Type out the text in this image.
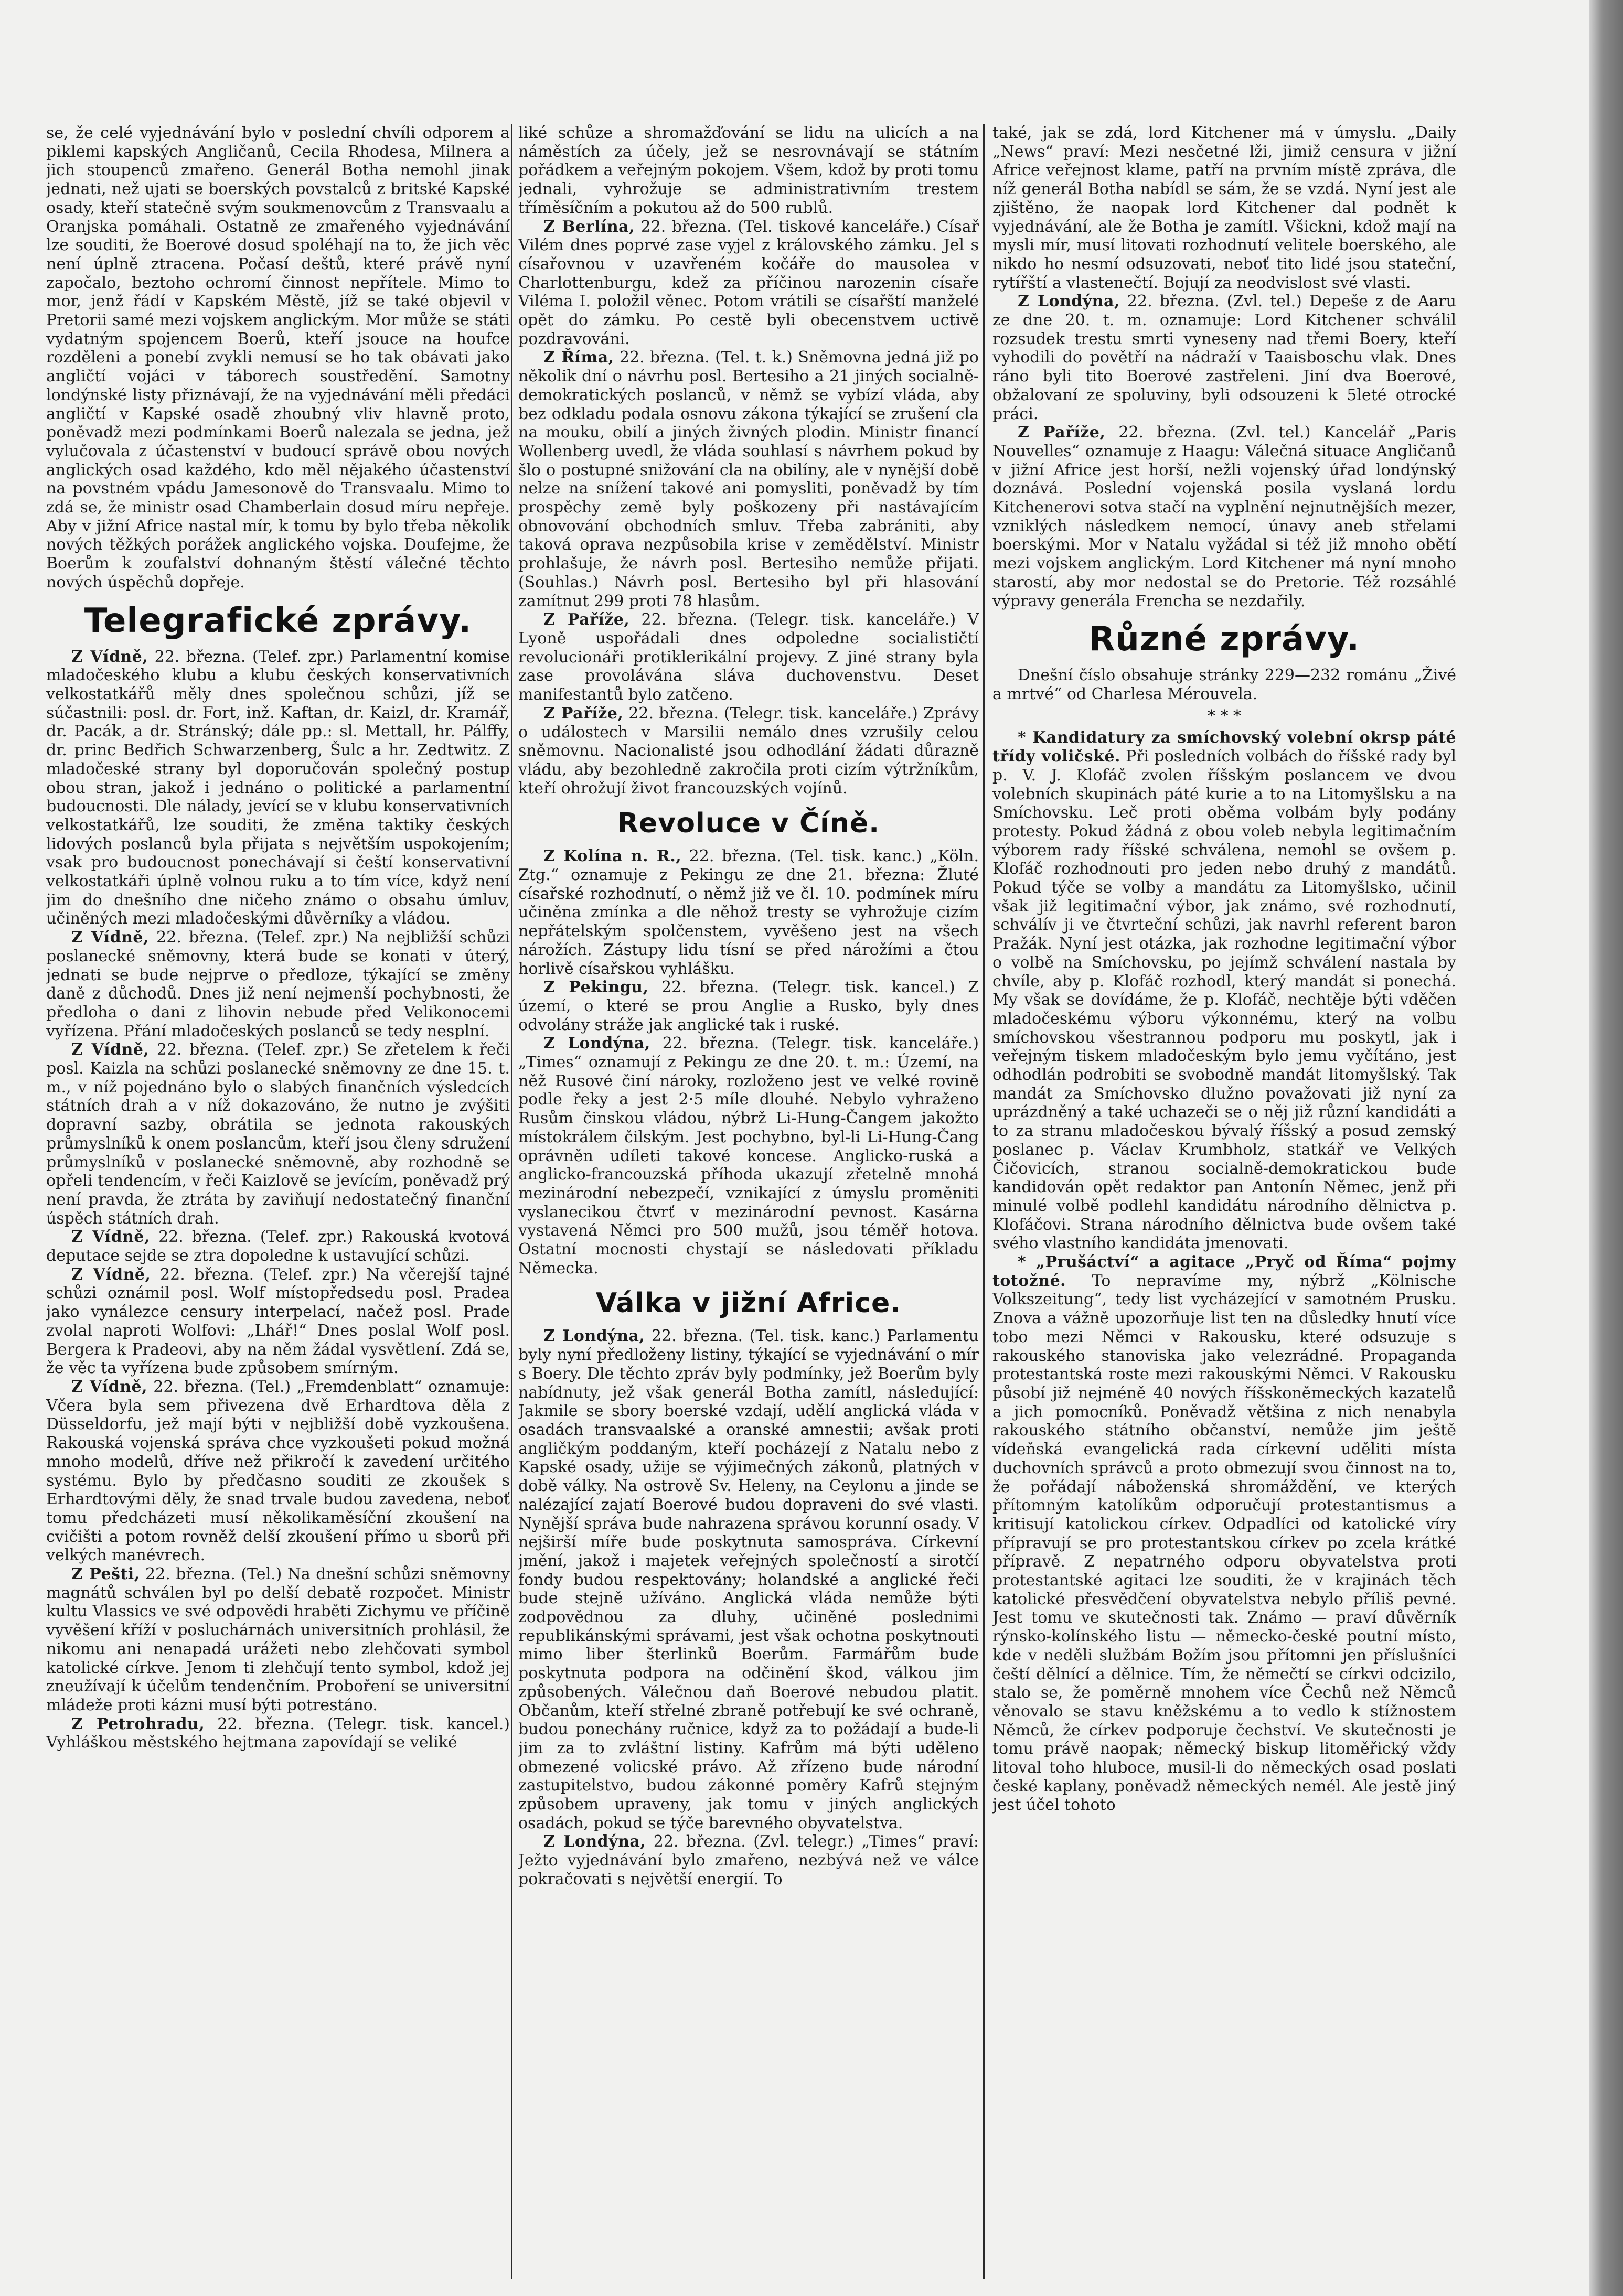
se, že celé vyjednávání bylo v poslední chvíli odporem a piklemi kapských Angličanů, Cecila Rhodesa, Milnera a jich stoupenců zmařeno. Generál Botha nemohl jinak jednati, než ujati se boerských povstalců z britské Kapské osady, kteří statečně svým soukmenovcům z Transvaalu a Oranjska pomáhali. Ostatně ze zmařeného vyjednávání lze souditi, že Boerové dosud spoléhají na to, že jich věc není úplně ztracena. Počasí deštů, které právě nyní započalo, beztoho ochromí činnost nepřítele. Mimo to mor, jenž řádí v Kapském Městě, jíž se také objevil v Pretorii samé mezi vojskem anglickým. Mor může se státi vydatným spojencem Boerů, kteří jsouce na houfce rozděleni a ponebí zvykli nemusí se ho tak obávati jako angličtí vojáci v táborech soustředění. Samotny londýnské listy přiznávají, že na vyjednávání měli předáci angličtí v Kapské osadě zhoubný vliv hlavně proto, poněvadž mezi podmínkami Boerů nalezala se jedna, jež vylučovala z účastenství v budoucí správě obou nových anglických osad každého, kdo měl nějakého účastenství na povstném vpádu Jamesonově do Transvaalu. Mimo to zdá se, že ministr osad Chamberlain dosud míru nepřeje. Aby v jižní Africe nastal mír, k tomu by bylo třeba několik nových těžkých porážek anglického vojska. Doufejme, že Boerům k zoufalství dohnaným štěstí válečné těchto nových úspěchů dopřeje.

Telegrafické zprávy.

Z Vídně, 22. března. (Telef. zpr.) Parlamentní komise mladočeského klubu a klubu českých konservativních velkostatkářů měly dnes společnou schůzi, jíž se súčastnili: posl. dr. Fort, inž. Kaftan, dr. Kaizl, dr. Kramář, dr. Pacák, a dr. Stránský; dále pp.: sl. Mettall, hr. Pálffy, dr. princ Bedřich Schwarzenberg, Šulc a hr. Zedtwitz. Z mladočeské strany byl doporučován společný postup obou stran, jakož i jednáno o politické a parlamentní budoucnosti. Dle nálady, jevící se v klubu konservativních velkostatkářů, lze souditi, že změna taktiky českých lidových poslanců byla přijata s největším uspokojením; vsak pro budoucnost ponechávají si čeští konservativní velkostatkáři úplně volnou ruku a to tím více, když není jim do dnešního dne ničeho známo o obsahu úmluv, učiněných mezi mladočeskými důvěrníky a vládou.

Z Vídně, 22. března. (Telef. zpr.) Na nejbližší schůzi poslanecké sněmovny, která bude se konati v úterý, jednati se bude nejprve o předloze, týkající se změny daně z důchodů. Dnes již není nejmenší pochybnosti, že předloha o dani z lihovin nebude před Velikonocemi vyřízena. Přání mladočeských poslanců se tedy nesplní.

Z Vídně, 22. března. (Telef. zpr.) Se zřetelem k řeči posl. Kaizla na schůzi poslanecké sněmovny ze dne 15. t. m., v níž pojednáno bylo o slabých finančních výsledcích státních drah a v níž dokazováno, že nutno je zvýšiti dopravní sazby, obrátila se jednota rakouských průmyslníků k onem poslancům, kteří jsou členy sdružení průmyslníků v poslanecké sněmovně, aby rozhodně se opřeli tendencím, v řeči Kaizlově se jevícím, poněvadž prý není pravda, že ztráta by zaviňují nedostatečný finanční úspěch státních drah.

Z Vídně, 22. března. (Telef. zpr.) Rakouská kvotová deputace sejde se ztra dopoledne k ustavující schůzi.

Z Vídně, 22. března. (Telef. zpr.) Na včerejší tajné schůzi oznámil posl. Wolf místopředsedu posl. Pradea jako vynálezce censury interpelací, načež posl. Prade zvolal naproti Wolfovi: „Lhář!“ Dnes poslal Wolf posl. Bergera k Pradeovi, aby na něm žádal vysvětlení. Zdá se, že věc ta vyřízena bude způsobem smírným.

Z Vídně, 22. března. (Tel.) „Fremdenblatt“ oznamuje: Včera byla sem přivezena dvě Erhardtova děla z Düsseldorfu, jež mají býti v nejbližší době vyzkoušena. Rakouská vojenská správa chce vyzkoušeti pokud možná mnoho modelů, dříve než přikročí k zavedení určitého systému. Bylo by předčasno souditi ze zkoušek s Erhardtovými děly, že snad trvale budou zavedena, neboť tomu předcházeti musí několikaměsíční zkoušení na cvičišti a potom rovněž delší zkoušení přímo u sborů při velkých manévrech.

Z Pešti, 22. března. (Tel.) Na dnešní schůzi sněmovny magnátů schválen byl po delší debatě rozpočet. Ministr kultu Vlassics ve své odpovědi hraběti Zichymu ve příčině vyvěšení kříží v posluchárnách universitních prohlásil, že nikomu ani nenapadá urážeti nebo zlehčovati symbol katolické církve. Jenom ti zlehčují tento symbol, kdož jej zneužívají k účelům tendenčním. Proboření se universitní mládeže proti kázni musí býti potrestáno.

Z Petrohradu, 22. března. (Telegr. tisk. kancel.) Vyhláškou městského hejtmana zapovídají se veliké

liké schůze a shromažďování se lidu na ulicích a na náměstích za účely, jež se nesrovnávají se státním pořádkem a veřejným pokojem. Všem, kdož by proti tomu jednali, vyhrožuje se administrativním trestem tříměsíčním a pokutou až do 500 rublů.

Z Berlína, 22. března. (Tel. tiskové kanceláře.) Císař Vilém dnes poprvé zase vyjel z královského zámku. Jel s císařovnou v uzavřeném kočáře do mausolea v Charlottenburgu, kdež za příčinou narozenin císaře Viléma I. položil věnec. Potom vrátili se císařští manželé opět do zámku. Po cestě byli obecenstvem uctivě pozdravováni.

Z Říma, 22. března. (Tel. t. k.) Sněmovna jedná již po několik dní o návrhu posl. Bertesiho a 21 jiných socialně-demokratických poslanců, v němž se vybízí vláda, aby bez odkladu podala osnovu zákona týkající se zrušení cla na mouku, obilí a jiných živných plodin. Ministr financí Wollenberg uvedl, že vláda souhlasí s návrhem pokud by šlo o postupné snižování cla na obilíny, ale v nynější době nelze na snížení takové ani pomysliti, poněvadž by tím prospěchy země byly poškozeny při nastávajícím obnovování obchodních smluv. Třeba zabrániti, aby taková oprava nezpůsobila krise v zemědělství. Ministr prohlašuje, že návrh posl. Bertesiho nemůže přijati. (Souhlas.) Návrh posl. Bertesiho byl při hlasování zamítnut 299 proti 78 hlasům.

Z Paříže, 22. března. (Telegr. tisk. kanceláře.) V Lyoně uspořádali dnes odpoledne socialističtí revolucionáři protiklerikální projevy. Z jiné strany byla zase provolávána sláva duchovenstvu. Deset manifestantů bylo zatčeno.

Z Paříže, 22. března. (Telegr. tisk. kanceláře.) Zprávy o událostech v Marsilii nemálo dnes vzrušily celou sněmovnu. Nacionalisté jsou odhodlání žádati důrazně vládu, aby bezohledně zakročila proti cizím výtržníkům, kteří ohrožují život francouzských vojínů.

Revoluce v Číně.

Z Kolína n. R., 22. března. (Tel. tisk. kanc.) „Köln. Ztg.“ oznamuje z Pekingu ze dne 21. března: Žluté císařské rozhodnutí, o němž již ve čl. 10. podmínek míru učiněna zmínka a dle něhož tresty se vyhrožuje cizím nepřátelským spolčenstem, vyvěšeno jest na všech nárožích. Zástupy lidu tísní se před nárožími a čtou horlivě císařskou vyhlášku.

Z Pekingu, 22. března. (Telegr. tisk. kancel.) Z území, o které se prou Anglie a Rusko, byly dnes odvolány stráže jak anglické tak i ruské.

Z Londýna, 22. března. (Telegr. tisk. kanceláře.) „Times“ oznamují z Pekingu ze dne 20. t. m.: Území, na něž Rusové činí nároky, rozloženo jest ve velké rovině podle řeky a jest 2·5 míle dlouhé. Nebylo vyhraženo Rusům činskou vládou, nýbrž Li-Hung-Čangem jakožto místokrálem čilským. Jest pochybno, byl-li Li-Hung-Čang oprávněn udíleti takové koncese. Anglicko-ruská a anglicko-francouzská příhoda ukazují zřetelně mnohá mezinárodní nebezpečí, vznikající z úmyslu proměniti vyslanecikou čtvrť v mezinárodní pevnost. Kasárna vystavená Němci pro 500 mužů, jsou téměř hotova. Ostatní mocnosti chystají se následovati příkladu Německa.

Válka v jižní Africe.

Z Londýna, 22. března. (Tel. tisk. kanc.) Parlamentu byly nyní předloženy listiny, týkající se vyjednávání o mír s Boery. Dle těchto zpráv byly podmínky, jež Boerům byly nabídnuty, jež však generál Botha zamítl, následující: Jakmile se sbory boerské vzdají, udělí anglická vláda v osadách transvaalské a oranské amnestii; avšak proti angličkým poddaným, kteří pocházejí z Natalu nebo z Kapské osady, užije se výjimečných zákonů, platných v době války. Na ostrově Sv. Heleny, na Ceylonu a jinde se nalézající zajatí Boerové budou dopraveni do své vlasti. Nynější správa bude nahrazena správou korunní osady. V nejširší míře bude poskytnuta samospráva. Církevní jmění, jakož i majetek veřejných společností a sirotčí fondy budou respektovány; holandské a anglické řeči bude stejně užíváno. Anglická vláda nemůže býti zodpovědnou za dluhy, učiněné poslednimi republikánskými správami, jest však ochotna poskytnouti mimo liber šterlinků Boerům. Farmářům bude poskytnuta podpora na odčinění škod, válkou jim způsobených. Válečnou daň Boerové nebudou platit. Občanům, kteří střelné zbraně potřebují ke své ochraně, budou ponechány ručnice, když za to požádají a bude-li jim za to zvláštní listiny. Kafrům má býti uděleno obmezené volicské právo. Až zřízeno bude národní zastupitelstvo, budou zákonné poměry Kafrů stejným způsobem upraveny, jak tomu v jiných anglických osadách, pokud se týče barevného obyvatelstva.

Z Londýna, 22. března. (Zvl. telegr.) „Times“ praví: Ježto vyjednávání bylo zmařeno, nezbývá než ve válce pokračovati s největší energií. To

také, jak se zdá, lord Kitchener má v úmyslu. „Daily „News“ praví: Mezi nesčetné lži, jimiž censura v jižní Africe veřejnost klame, patří na prvním místě zpráva, dle níž generál Botha nabídl se sám, že se vzdá. Nyní jest ale zjištěno, že naopak lord Kitchener dal podnět k vyjednávání, ale že Botha je zamítl. Všickni, kdož mají na mysli mír, musí litovati rozhodnutí velitele boerského, ale nikdo ho nesmí odsuzovati, neboť tito lidé jsou stateční, rytířští a vlastenečtí. Bojují za neodvislost své vlasti.

Z Londýna, 22. března. (Zvl. tel.) Depeše z de Aaru ze dne 20. t. m. oznamuje: Lord Kitchener schválil rozsudek trestu smrti vyneseny nad třemi Boery, kteří vyhodili do povětří na nádraží v Taaisboschu vlak. Dnes ráno byli tito Boerové zastřeleni. Jiní dva Boerové, obžalovaní ze spoluviny, byli odsouzeni k 5leté otrocké práci.

Z Paříže, 22. března. (Zvl. tel.) Kancelář „Paris Nouvelles“ oznamuje z Haagu: Válečná situace Angličanů v jižní Africe jest horší, nežli vojenský úřad londýnský doznává. Poslední vojenská posila vyslaná lordu Kitchenerovi sotva stačí na vyplnění nejnutnějších mezer, vzniklých následkem nemocí, únavy aneb střelami boerskými. Mor v Natalu vyžádal si též již mnoho obětí mezi vojskem anglickým. Lord Kitchener má nyní mnoho starostí, aby mor nedostal se do Pretorie. Též rozsáhlé výpravy generála Frencha se nezdařily.

Různé zprávy.

Dnešní číslo obsahuje stránky 229—232 románu „Živé a mrtvé“ od Charlesa Mérouvela.

* * *

* Kandidatury za smíchovský volební okrsp páté třídy voličské. Při posledních volbách do říšské rady byl p. V. J. Klofáč zvolen říšským poslancem ve dvou volebních skupinách páté kurie a to na Litomyšlsku a na Smíchovsku. Leč proti oběma volbám byly podány protesty. Pokud žádná z obou voleb nebyla legitimačním výborem rady říšské schválena, nemohl se ovšem p. Klofáč rozhodnouti pro jeden nebo druhý z mandátů. Pokud týče se volby a mandátu za Litomyšlsko, učinil však již legitimační výbor, jak známo, své rozhodnutí, schválív ji ve čtvrteční schůzi, jak navrhl referent baron Pražák. Nyní jest otázka, jak rozhodne legitimační výbor o volbě na Smíchovsku, po jejímž schválení nastala by chvíle, aby p. Klofáč rozhodl, který mandát si ponechá. My však se dovídáme, že p. Klofáč, nechtěje býti vděčen mladočeskému výboru výkonnému, který na volbu smíchovskou všestrannou podporu mu poskytl, jak i veřejným tiskem mladočeským bylo jemu vyčítáno, jest odhodlán podrobiti se svobodně mandát litomyšlský. Tak mandát za Smíchovsko dlužno považovati již nyní za uprázdněný a také uchazeči se o něj již různí kandidáti a to za stranu mladočeskou bývalý říšský a posud zemský poslanec p. Václav Krumbholz, statkář ve Velkých Čičovicích, stranou socialně-demokratickou bude kandidován opět redaktor pan Antonín Němec, jenž při minulé volbě podlehl kandidátu národního dělnictva p. Klofáčovi. Strana národního dělnictva bude ovšem také svého vlastního kandidáta jmenovati.

* „Prušáctví“ a agitace „Pryč od Říma“ pojmy totožné. To nepravíme my, nýbrž „Kölnische Volkszeitung“, tedy list vycházející v samotném Prusku. Znova a vážně upozorňuje list ten na důsledky hnutí více tobo mezi Němci v Rakousku, které odsuzuje s rakouského stanoviska jako velezrádné. Propaganda protestantská roste mezi rakouskými Němci. V Rakousku působí již nejméně 40 nových říšskoněmeckých kazatelů a jich pomocníků. Poněvadž většina z nich nenabyla rakouského státního občanství, nemůže jim ještě vídeňská evangelická rada církevní uděliti místa duchovních správců a proto obmezují svou činnost na to, že pořádají náboženská shromáždění, ve kterých přítomným katolíkům odporučují protestantismus a kritisují katolickou církev. Odpadlíci od katolické víry přípravují se pro protestantskou církev po zcela krátké přípravě. Z nepatrného odporu obyvatelstva proti protestantské agitaci lze souditi, že v krajinách těch katolické přesvědčení obyvatelstva nebylo příliš pevné. Jest tomu ve skutečnosti tak. Známo — praví důvěrník rýnsko-kolínského listu — německo-české poutní místo, kde v neděli službám Božím jsou přítomni jen příslušníci čeští dělnící a dělnice. Tím, že němečtí se církvi odcizilo, stalo se, že poměrně mnohem více Čechů než Němců věnovalo se stavu kněžskému a to vedlo k stížnostem Němců, že církev podporuje čechství. Ve skutečnosti je tomu právě naopak; německý biskup litoměřický vždy litoval toho hluboce, musil-li do německých osad poslati české kaplany, poněvadž německých nemél. Ale jestě jiný jest účel tohoto
